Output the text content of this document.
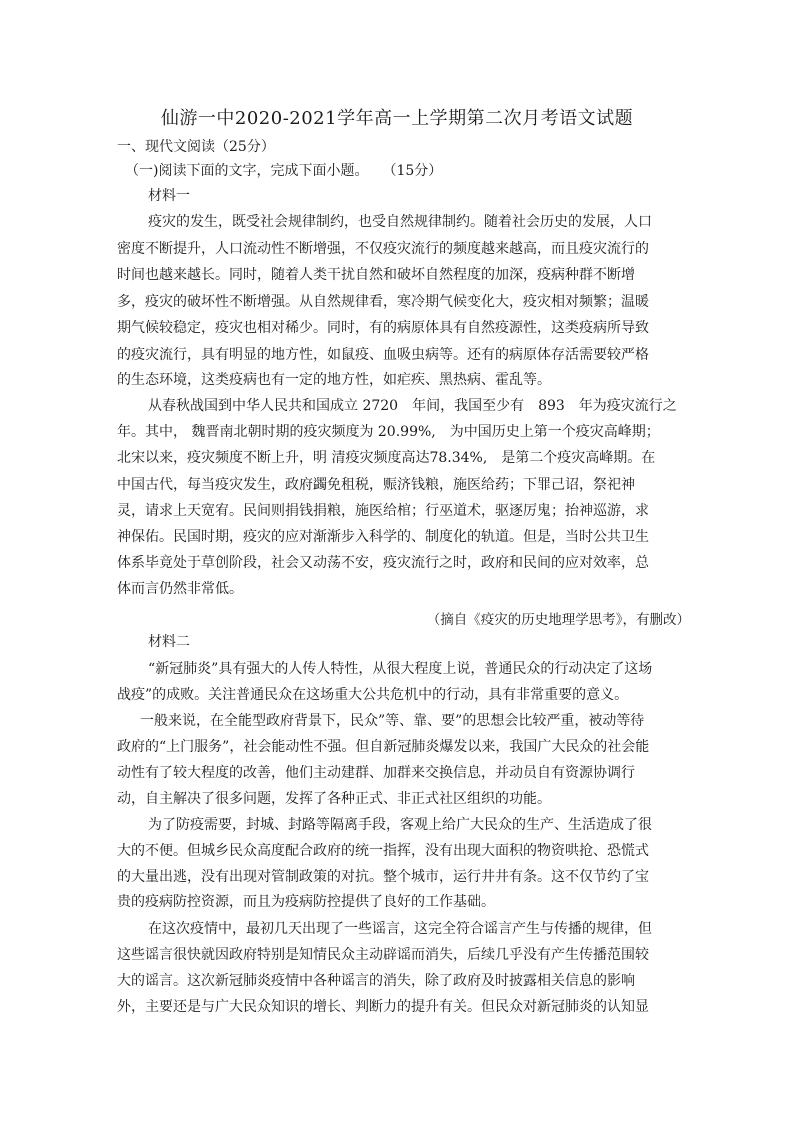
仙游一中2020-2021学年高一上学期第二次月考语文试题
一、现代文阅读（25分）
（一)阅读下面的文字，完成下面小题。　　（15分）
材料一
疫灾的发生，既受社会规律制约，也受自然规律制约。随着社会历史的发展，人口
密度不断提升，人口流动性不断增强，不仅疫灾流行的频度越来越高，而且疫灾流行的
时间也越来越长。同时，随着人类干扰自然和破坏自然程度的加深，疫病种群不断增
多，疫灾的破坏性不断增强。从自然规律看，寒冷期气候变化大，疫灾相对频繁；温暖
期气候较稳定，疫灾也相对稀少。同时，有的病原体具有自然疫源性，这类疫病所导致
的疫灾流行，具有明显的地方性，如鼠疫、血吸虫病等。还有的病原体存活需要较严格
的生态环境，这类疫病也有一定的地方性，如疟疾、黑热病、霍乱等。
从春秋战国到中华人民共和国成立 2720　年间，我国至少有　893　年为疫灾流行之
年。其中， 魏晋南北朝时期的疫灾频度为 20.99%,　为中国历史上第一个疫灾高峰期；
北宋以来，疫灾频度不断上升，明 清疫灾频度高达78.34%,　是第二个疫灾高峰期。在
中国古代，每当疫灾发生，政府蠲免租税，赈济钱粮，施医给药；下罪己诏，祭祀神
灵，请求上天宽宥。民间则捐钱捐粮，施医给棺；行巫道术，驱逐厉鬼；抬神巡游，求
神保佑。民国时期，疫灾的应对渐渐步入科学的、制度化的轨道。但是，当时公共卫生
体系毕竟处于草创阶段，社会又动荡不安，疫灾流行之时，政府和民间的应对效率，总
体而言仍然非常低。
（摘自《疫灾的历史地理学思考》，有删改）
材料二
“新冠肺炎”具有强大的人传人特性，从很大程度上说，普通民众的行动决定了这场
战疫”的成败。关注普通民众在这场重大公共危机中的行动，具有非常重要的意义。
一般来说，在全能型政府背景下，民众”等、靠、要”的思想会比较严重，被动等待
政府的“上门服务”，社会能动性不强。但自新冠肺炎爆发以来，我国广大民众的社会能
动性有了较大程度的改善，他们主动建群、加群来交换信息，并动员自有资源协调行
动，自主解决了很多问题，发挥了各种正式、非正式社区组织的功能。
为了防疫需要，封城、封路等隔离手段，客观上给广大民众的生产、生活造成了很
大的不便。但城乡民众高度配合政府的统一指挥，没有出现大面积的物资哄抢、恐慌式
的大量出逃，没有出现对管制政策的对抗。整个城市，运行井井有条。这不仅节约了宝
贵的疫病防控资源，而且为疫病防控提供了良好的工作基础。
在这次疫情中，最初几天出现了一些谣言，这完全符合谣言产生与传播的规律，但
这些谣言很快就因政府特别是知情民众主动辟谣而消失，后续几乎没有产生传播范围较
大的谣言。这次新冠肺炎疫情中各种谣言的消失，除了政府及时披露相关信息的影响
外，主要还是与广大民众知识的增长、判断力的提升有关。但民众对新冠肺炎的认知显
